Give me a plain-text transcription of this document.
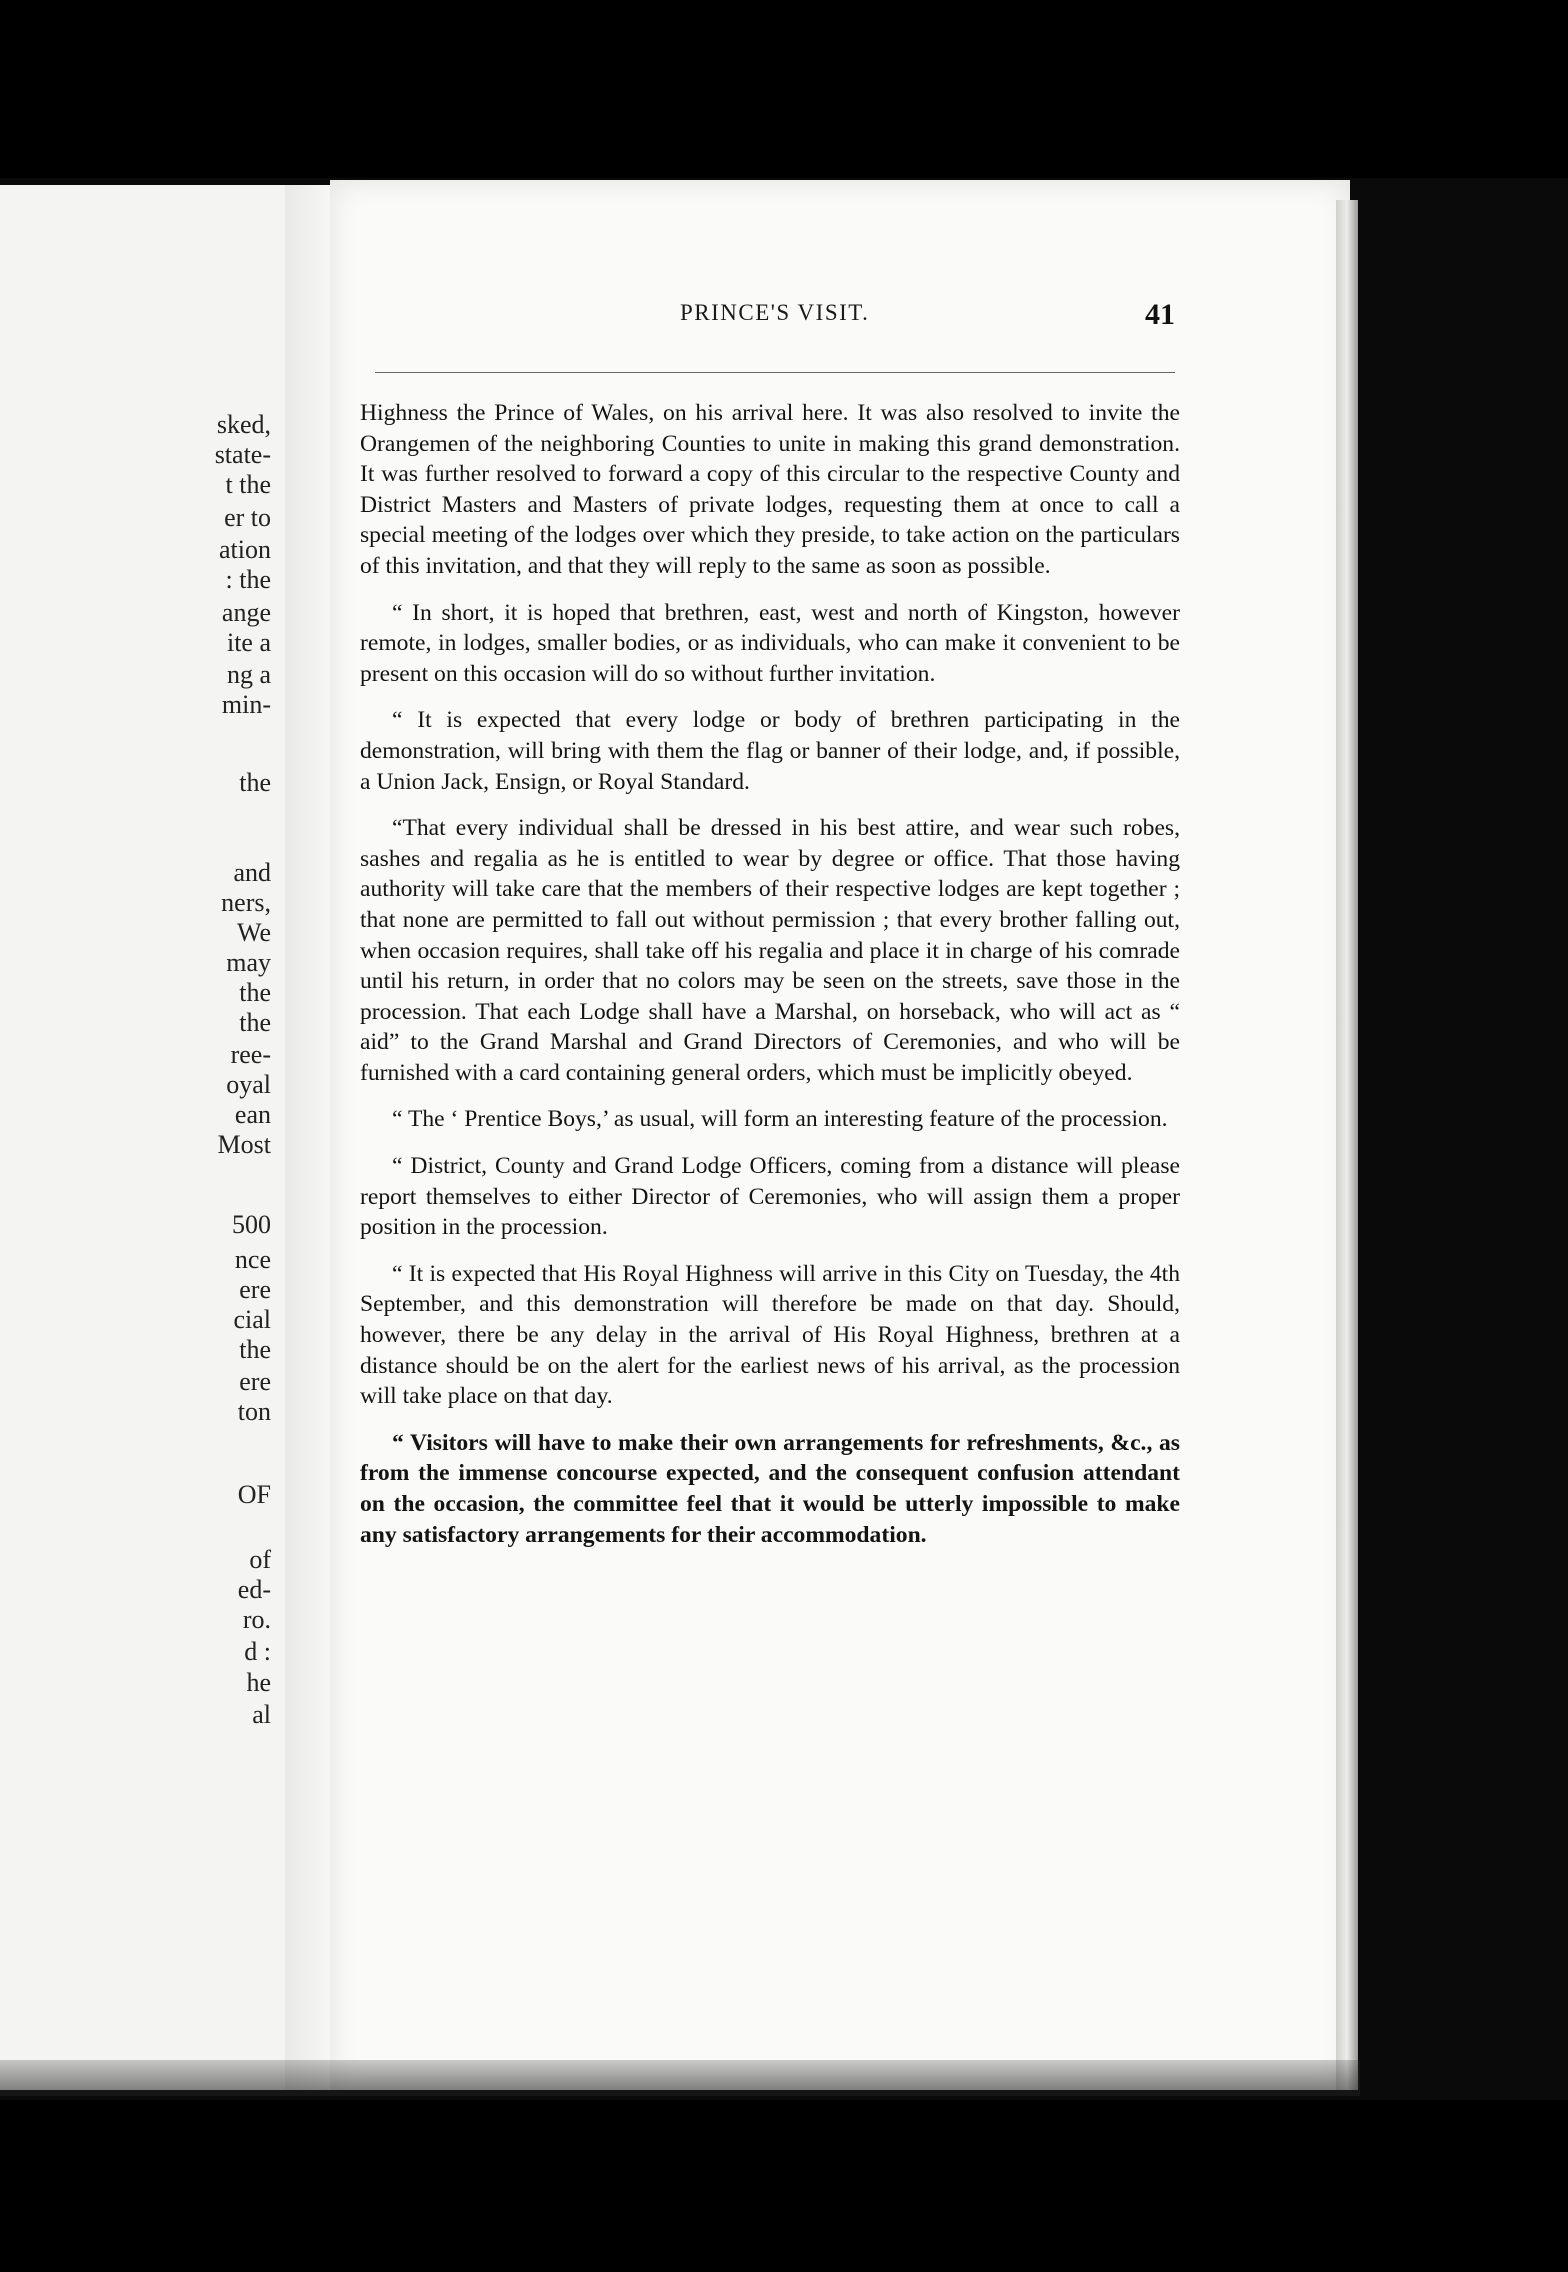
sked,
state-
t the
er to
ation
: the
ange
ite a
ng a
min-
the
and
ners,
We
may
the
the
ree-
oyal
ean
Most
500
nce
ere
cial
the
ere
ton
OF
of
ed-
ro.
d :
he
al
PRINCE'S VISIT.	41

Highness the Prince of Wales, on his arrival here. It was also resolved to invite the Orangemen of the neighboring Counties to unite in making this grand demonstration. It was further resolved to forward a copy of this circular to the respective County and District Masters and Masters of private lodges, requesting them at once to call a special meeting of the lodges over which they preside, to take action on the particulars of this invitation, and that they will reply to the same as soon as possible.

“ In short, it is hoped that brethren, east, west and north of Kingston, however remote, in lodges, smaller bodies, or as individuals, who can make it convenient to be present on this occasion will do so without further invitation.

“ It is expected that every lodge or body of brethren participating in the demonstration, will bring with them the flag or banner of their lodge, and, if possible, a Union Jack, Ensign, or Royal Standard.

“That every individual shall be dressed in his best attire, and wear such robes, sashes and regalia as he is entitled to wear by degree or office. That those having authority will take care that the members of their respective lodges are kept together ; that none are permitted to fall out without permission ; that every brother falling out, when occasion requires, shall take off his regalia and place it in charge of his comrade until his return, in order that no colors may be seen on the streets, save those in the procession. That each Lodge shall have a Marshal, on horseback, who will act as “ aid” to the Grand Marshal and Grand Directors of Ceremonies, and who will be furnished with a card containing general orders, which must be implicitly obeyed.

“ The ‘ Prentice Boys,’ as usual, will form an interesting feature of the procession.

“ District, County and Grand Lodge Officers, coming from a distance will please report themselves to either Director of Ceremonies, who will assign them a proper position in the procession.

“ It is expected that His Royal Highness will arrive in this City on Tuesday, the 4th September, and this demonstration will therefore be made on that day. Should, however, there be any delay in the arrival of His Royal Highness, brethren at a distance should be on the alert for the earliest news of his arrival, as the procession will take place on that day.

“ Visitors will have to make their own arrangements for refreshments, &c., as from the immense concourse expected, and the consequent confusion attendant on the occasion, the committee feel that it would be utterly impossible to make any satisfactory arrangements for their accommodation.
